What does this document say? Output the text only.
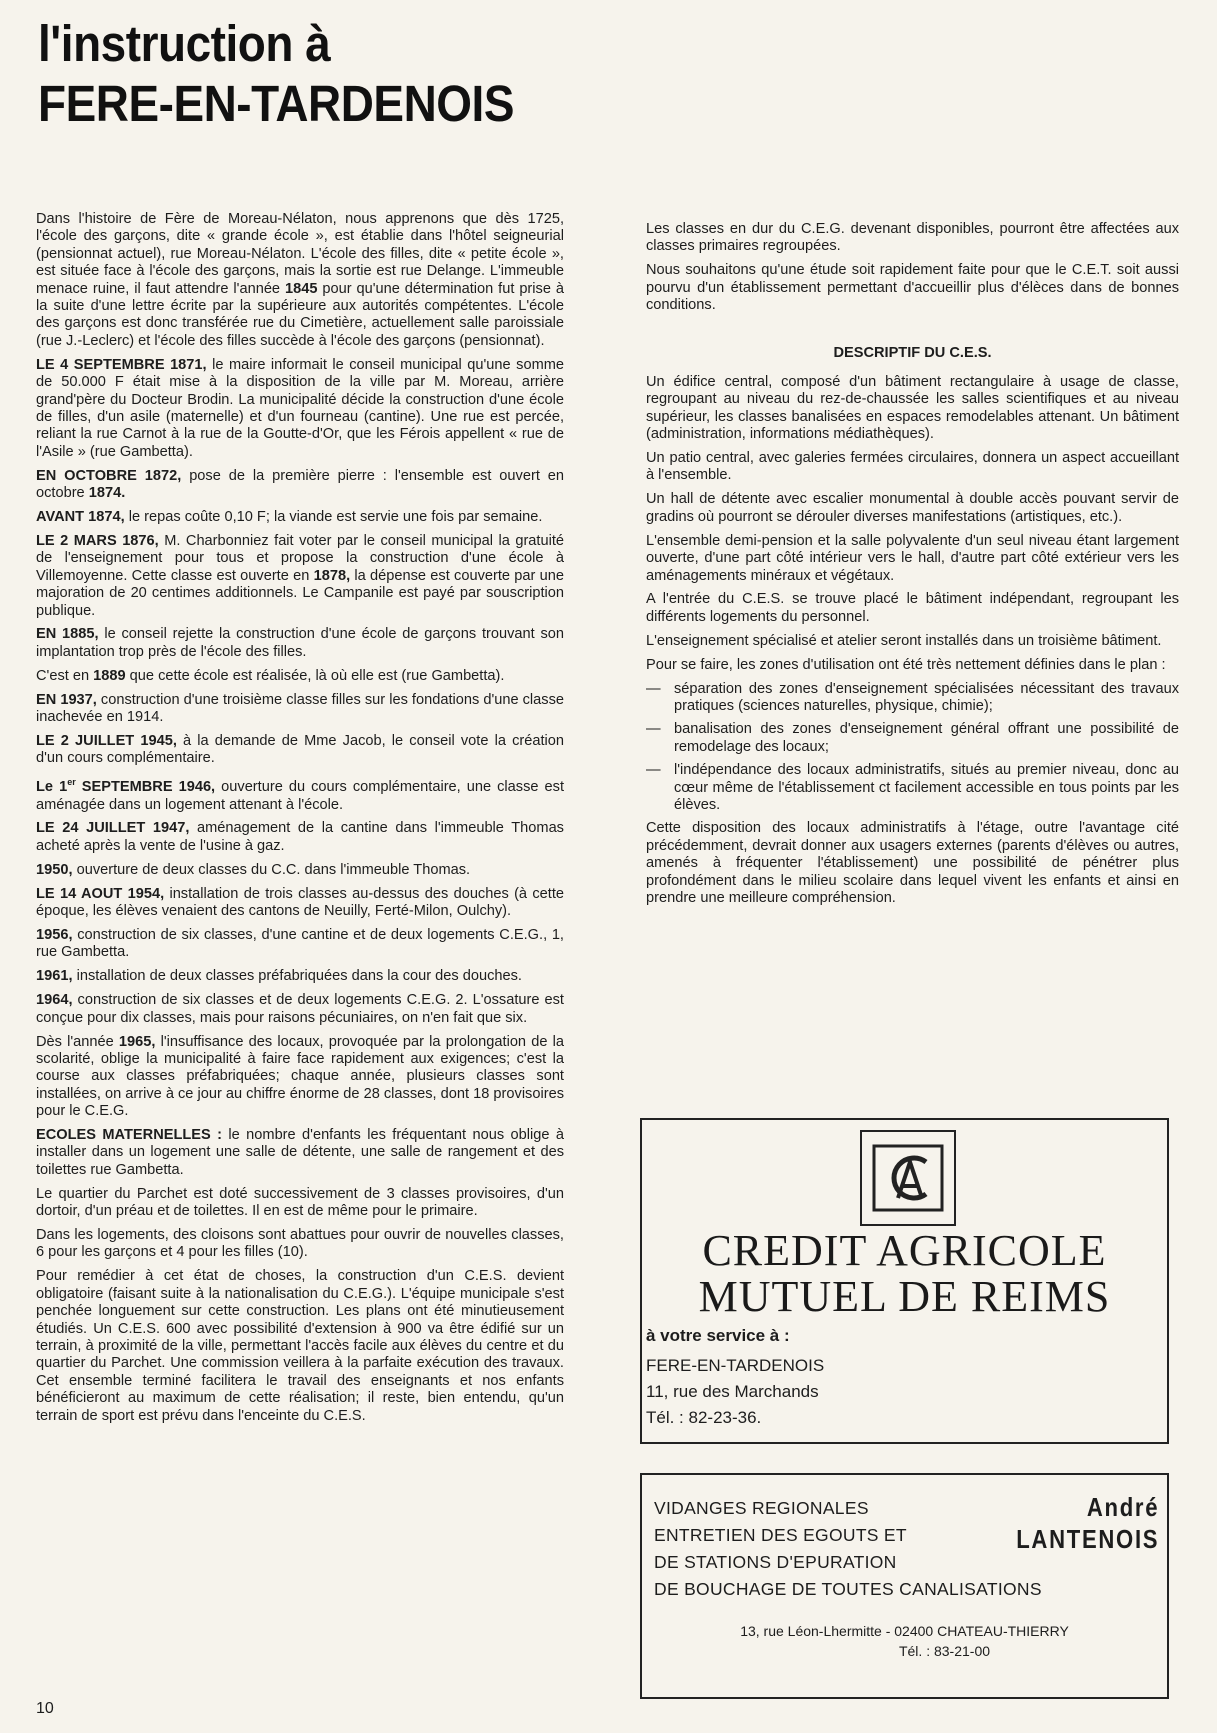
l'instruction à
FERE-EN-TARDENOIS

Dans l'histoire de Fère de Moreau-Nélaton, nous apprenons que dès 1725, l'école des garçons, dite « grande école », est établie dans l'hôtel seigneurial (pensionnat actuel), rue Moreau-Nélaton. L'école des filles, dite « petite école », est située face à l'école des garçons, mais la sortie est rue Delange. L'immeuble menace ruine, il faut attendre l'année 1845 pour qu'une détermination fut prise à la suite d'une lettre écrite par la supérieure aux autorités compétentes. L'école des garçons est donc transférée rue du Cimetière, actuellement salle paroissiale (rue J.-Leclerc) et l'école des filles succède à l'école des garçons (pensionnat).

LE 4 SEPTEMBRE 1871, le maire informait le conseil municipal qu'une somme de 50.000 F était mise à la disposition de la ville par M. Moreau, arrière grand'père du Docteur Brodin. La municipalité décide la construction d'une école de filles, d'un asile (maternelle) et d'un fourneau (cantine). Une rue est percée, reliant la rue Carnot à la rue de la Goutte-d'Or, que les Férois appellent « rue de l'Asile » (rue Gambetta).

EN OCTOBRE 1872, pose de la première pierre : l'ensemble est ouvert en octobre 1874.

AVANT 1874, le repas coûte 0,10 F; la viande est servie une fois par semaine.

LE 2 MARS 1876, M. Charbonniez fait voter par le conseil municipal la gratuité de l'enseignement pour tous et propose la construction d'une école à Villemoyenne. Cette classe est ouverte en 1878, la dépense est couverte par une majoration de 20 centimes additionnels. Le Campanile est payé par souscription publique.

EN 1885, le conseil rejette la construction d'une école de garçons trouvant son implantation trop près de l'école des filles.

C'est en 1889 que cette école est réalisée, là où elle est (rue Gambetta).

EN 1937, construction d'une troisième classe filles sur les fondations d'une classe inachevée en 1914.

LE 2 JUILLET 1945, à la demande de Mme Jacob, le conseil vote la création d'un cours complémentaire.

Le 1er SEPTEMBRE 1946, ouverture du cours complémentaire, une classe est aménagée dans un logement attenant à l'école.

LE 24 JUILLET 1947, aménagement de la cantine dans l'immeuble Thomas acheté après la vente de l'usine à gaz.

1950, ouverture de deux classes du C.C. dans l'immeuble Thomas.

LE 14 AOUT 1954, installation de trois classes au-dessus des douches (à cette époque, les élèves venaient des cantons de Neuilly, Ferté-Milon, Oulchy).

1956, construction de six classes, d'une cantine et de deux logements C.E.G., 1, rue Gambetta.

1961, installation de deux classes préfabriquées dans la cour des douches.

1964, construction de six classes et de deux logements C.E.G. 2. L'ossature est conçue pour dix classes, mais pour raisons pécuniaires, on n'en fait que six.

Dès l'année 1965, l'insuffisance des locaux, provoquée par la prolongation de la scolarité, oblige la municipalité à faire face rapidement aux exigences; c'est la course aux classes préfabriquées; chaque année, plusieurs classes sont installées, on arrive à ce jour au chiffre énorme de 28 classes, dont 18 provisoires pour le C.E.G.

ECOLES MATERNELLES : le nombre d'enfants les fréquentant nous oblige à installer dans un logement une salle de détente, une salle de rangement et des toilettes rue Gambetta.

Le quartier du Parchet est doté successivement de 3 classes provisoires, d'un dortoir, d'un préau et de toilettes. Il en est de même pour le primaire.

Dans les logements, des cloisons sont abattues pour ouvrir de nouvelles classes, 6 pour les garçons et 4 pour les filles (10).

Pour remédier à cet état de choses, la construction d'un C.E.S. devient obligatoire (faisant suite à la nationalisation du C.E.G.). L'équipe municipale s'est penchée longuement sur cette construction. Les plans ont été minutieusement étudiés. Un C.E.S. 600 avec possibilité d'extension à 900 va être édifié sur un terrain, à proximité de la ville, permettant l'accès facile aux élèves du centre et du quartier du Parchet. Une commission veillera à la parfaite exécution des travaux. Cet ensemble terminé facilitera le travail des enseignants et nos enfants bénéficieront au maximum de cette réalisation; il reste, bien entendu, qu'un terrain de sport est prévu dans l'enceinte du C.E.S.

Les classes en dur du C.E.G. devenant disponibles, pourront être affectées aux classes primaires regroupées.

Nous souhaitons qu'une étude soit rapidement faite pour que le C.E.T. soit aussi pourvu d'un établissement permettant d'accueillir plus d'élèces dans de bonnes conditions.

DESCRIPTIF DU C.E.S.

Un édifice central, composé d'un bâtiment rectangulaire à usage de classe, regroupant au niveau du rez-de-chaussée les salles scientifiques et au niveau supérieur, les classes banalisées en espaces remodelables attenant. Un bâtiment (administration, informations médiathèques).

Un patio central, avec galeries fermées circulaires, donnera un aspect accueillant à l'ensemble.

Un hall de détente avec escalier monumental à double accès pouvant servir de gradins où pourront se dérouler diverses manifestations (artistiques, etc.).

L'ensemble demi-pension et la salle polyvalente d'un seul niveau étant largement ouverte, d'une part côté intérieur vers le hall, d'autre part côté extérieur vers les aménagements minéraux et végétaux.

A l'entrée du C.E.S. se trouve placé le bâtiment indépendant, regroupant les différents logements du personnel.

L'enseignement spécialisé et atelier seront installés dans un troisième bâtiment.

Pour se faire, les zones d'utilisation ont été très nettement définies dans le plan :

— séparation des zones d'enseignement spécialisées nécessitant des travaux pratiques (sciences naturelles, physique, chimie);
— banalisation des zones d'enseignement général offrant une possibilité de remodelage des locaux;
— l'indépendance des locaux administratifs, situés au premier niveau, donc au cœur même de l'établissement ct facilement accessible en tous points par les élèves.

Cette disposition des locaux administratifs à l'étage, outre l'avantage cité précédemment, devrait donner aux usagers externes (parents d'élèves ou autres, amenés à fréquenter l'établissement) une possibilité de pénétrer plus profondément dans le milieu scolaire dans lequel vivent les enfants et ainsi en prendre une meilleure compréhension.

CREDIT AGRICOLE
MUTUEL DE REIMS
à votre service à :
FERE-EN-TARDENOIS
11, rue des Marchands
Tél. : 82-23-36.
VIDANGES REGIONALES
ENTRETIEN DES EGOUTS ET
DE STATIONS D'EPURATION
DE BOUCHAGE DE TOUTES CANALISATIONS
André
LANTENOIS
13, rue Léon-Lhermitte - 02400 CHATEAU-THIERRY
Tél. : 83-21-00
10
